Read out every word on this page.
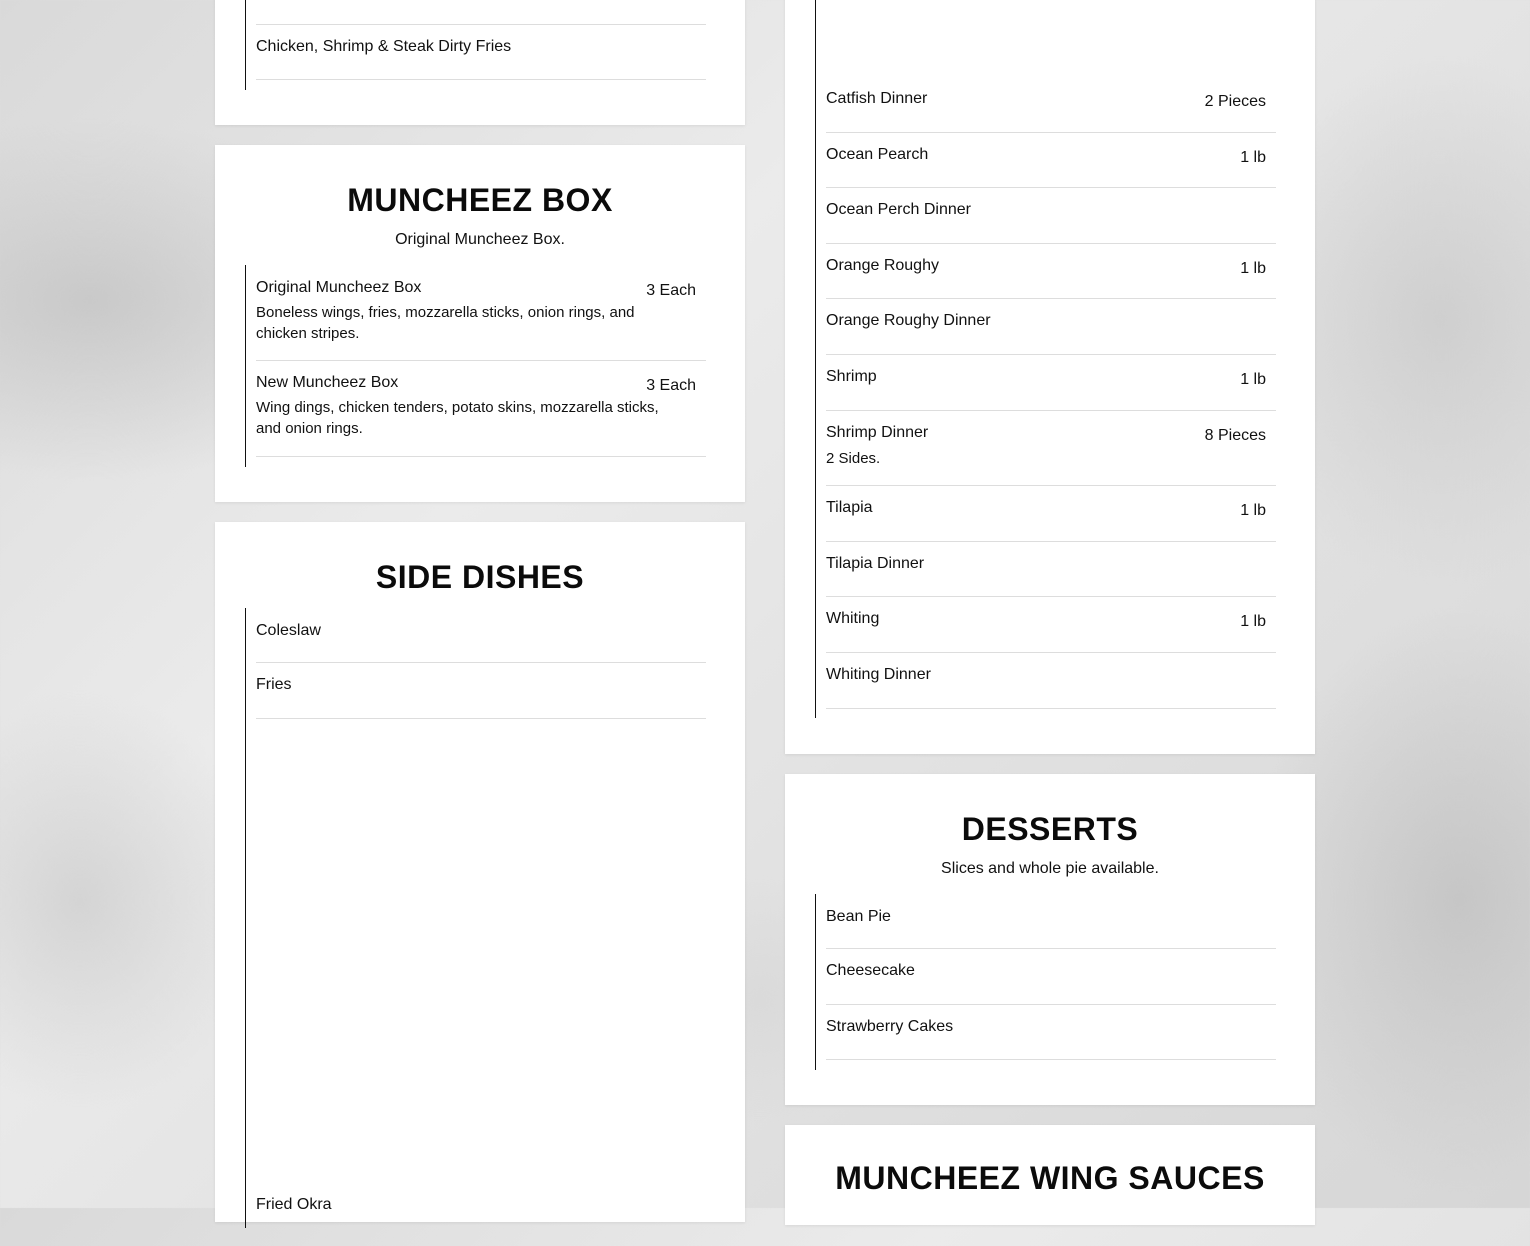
Chicken, Shrimp & Steak Dirty Fries
MUNCHEEZ BOX
Original Muncheez Box.
Original Muncheez Box	3 Each
Boneless wings, fries, mozzarella sticks, onion rings, and chicken stripes.
New Muncheez Box	3 Each
Wing dings, chicken tenders, potato skins, mozzarella sticks, and onion rings.
SIDE DISHES
Coleslaw
Fries
Fried Okra
Catfish Dinner	2 Pieces
Ocean Pearch	1 lb
Ocean Perch Dinner
Orange Roughy	1 lb
Orange Roughy Dinner
Shrimp	1 lb
Shrimp Dinner	8 Pieces
2 Sides.
Tilapia	1 lb
Tilapia Dinner
Whiting	1 lb
Whiting Dinner
DESSERTS
Slices and whole pie available.
Bean Pie
Cheesecake
Strawberry Cakes
MUNCHEEZ WING SAUCES
